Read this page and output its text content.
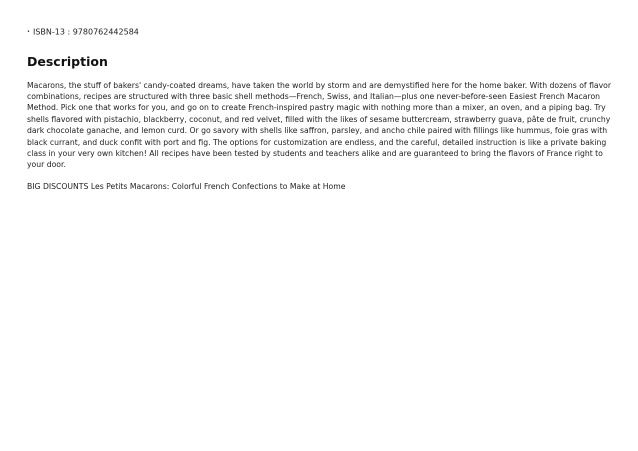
• ISBN-13 : 9780762442584

Description

Macarons, the stuff of bakers' candy-coated dreams, have taken the world by storm and are demystified here for the home baker. With dozens of flavor combinations, recipes are structured with three basic shell methods—French, Swiss, and Italian—plus one never-before-seen Easiest French Macaron Method. Pick one that works for you, and go on to create French-inspired pastry magic with nothing more than a mixer, an oven, and a piping bag. Try shells flavored with pistachio, blackberry, coconut, and red velvet, filled with the likes of sesame buttercream, strawberry guava, pâte de fruit, crunchy dark chocolate ganache, and lemon curd. Or go savory with shells like saffron, parsley, and ancho chile paired with fillings like hummus, foie gras with black currant, and duck confit with port and fig. The options for customization are endless, and the careful, detailed instruction is like a private baking class in your very own kitchen! All recipes have been tested by students and teachers alike and are guaranteed to bring the flavors of France right to your door.

BIG DISCOUNTS Les Petits Macarons: Colorful French Confections to Make at Home
